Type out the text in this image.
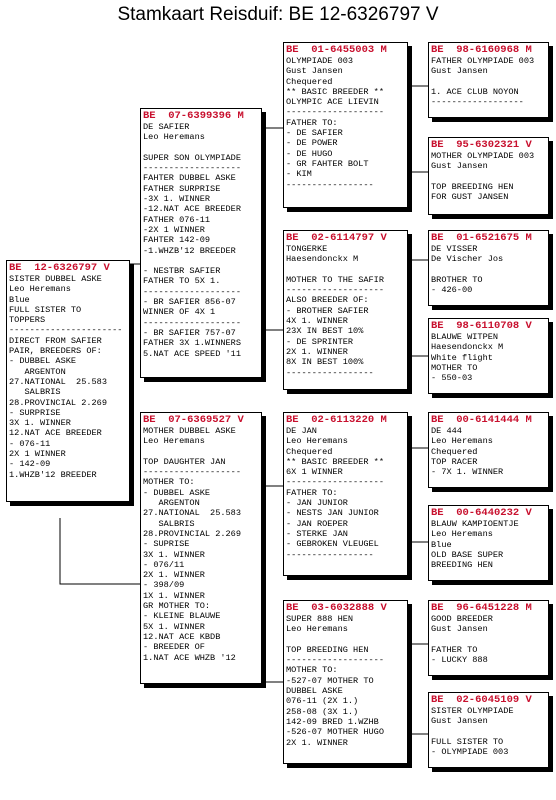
Stamkaart Reisduif: BE 12-6326797 V
BE  12-6326797 V
SISTER DUBBEL ASKE
Leo Heremans
Blue
FULL SISTER TO
TOPPERS
----------------------
DIRECT FROM SAFIER
PAIR, BREEDERS OF:
- DUBBEL ASKE
ARGENTON
27.NATIONAL  25.583
SALBRIS
28.PROVINCIAL 2.269
- SURPRISE
3X 1. WINNER
12.NAT ACE BREEDER
- 076-11
2X 1 WINNER
- 142-09
1.WHZB'12 BREEDER
BE  07-6399396 M
DE SAFIER
Leo Heremans

SUPER SON OLYMPIADE
-------------------
FAHTER DUBBEL ASKE
FATHER SURPRISE
-3X 1. WINNER
-12.NAT ACE BREEDER
FATHER 076-11
-2X 1 WINNER
FAHTER 142-09
-1.WHZB'12 BREEDER

- NESTBR SAFIER
FATHER TO 5X 1.
-------------------
- BR SAFIER 856-07
WINNER OF 4X 1
-------------------
- BR SAFIER 757-07
FATHER 3X 1.WINNERS
5.NAT ACE SPEED '11
BE  07-6369527 V
MOTHER DUBBEL ASKE
Leo Heremans

TOP DAUGHTER JAN
-------------------
MOTHER TO:
- DUBBEL ASKE
ARGENTON
27.NATIONAL  25.583
SALBRIS
28.PROVINCIAL 2.269
- SUPRISE
3X 1. WINNER
- 076/11
2X 1. WINNER
- 398/09
1X 1. WINNER
GR MOTHER TO:
- KLEINE BLAUWE
5X 1. WINNER
12.NAT ACE KBDB
- BREEDER OF
1.NAT ACE WHZB '12
BE  01-6455003 M
OLYMPIADE 003
Gust Jansen
Chequered
** BASIC BREEDER **
OLYMPIC ACE LIEVIN
-------------------
FATHER TO:
- DE SAFIER
- DE POWER
- DE HUGO
- GR FAHTER BOLT
- KIM
-----------------
BE  02-6114797 V
TONGERKE
Haesendonckx M

MOTHER TO THE SAFIR
-------------------
ALSO BREEDER OF:
- BROTHER SAFIER
4X 1. WINNER
23X IN BEST 10%
- DE SPRINTER
2X 1. WINNER
8X IN BEST 100%
-----------------
BE  02-6113220 M
DE JAN
Leo Heremans
Chequered
** BASIC BREEDER **
6X 1 WINNER
-------------------
FATHER TO:
- JAN JUNIOR
- NESTS JAN JUNIOR
- JAN ROEPER
- STERKE JAN
- GEBROKEN VLEUGEL
-----------------
BE  03-6032888 V
SUPER 888 HEN
Leo Heremans

TOP BREEDING HEN
-------------------
MOTHER TO:
-527-07 MOTHER TO
DUBBEL ASKE
076-11 (2X 1.)
258-08 (3X 1.)
142-09 BRED 1.WZHB
-526-07 MOTHER HUGO
2X 1. WINNER
BE  98-6160968 M
FATHER OLYMPIADE 003
Gust Jansen

1. ACE CLUB NOYON
------------------
BE  95-6302321 V
MOTHER OLYMPIADE 003
Gust Jansen

TOP BREEDING HEN
FOR GUST JANSEN
BE  01-6521675 M
DE VISSER
De Vischer Jos

BROTHER TO
- 426-00
BE  98-6110708 V
BLAUWE WITPEN
Haesendonckx M
White flight
MOTHER TO
- 550-03
BE  00-6141444 M
DE 444
Leo Heremans
Chequered
TOP RACER
- 7X 1. WINNER
BE  00-6440232 V
BLAUW KAMPIOENTJE
Leo Heremans
Blue
OLD BASE SUPER
BREEDING HEN
BE  96-6451228 M
GOOD BREEDER
Gust Jansen

FATHER TO
- LUCKY 888
BE  02-6045109 V
SISTER OLYMPIADE
Gust Jansen

FULL SISTER TO
- OLYMPIADE 003
